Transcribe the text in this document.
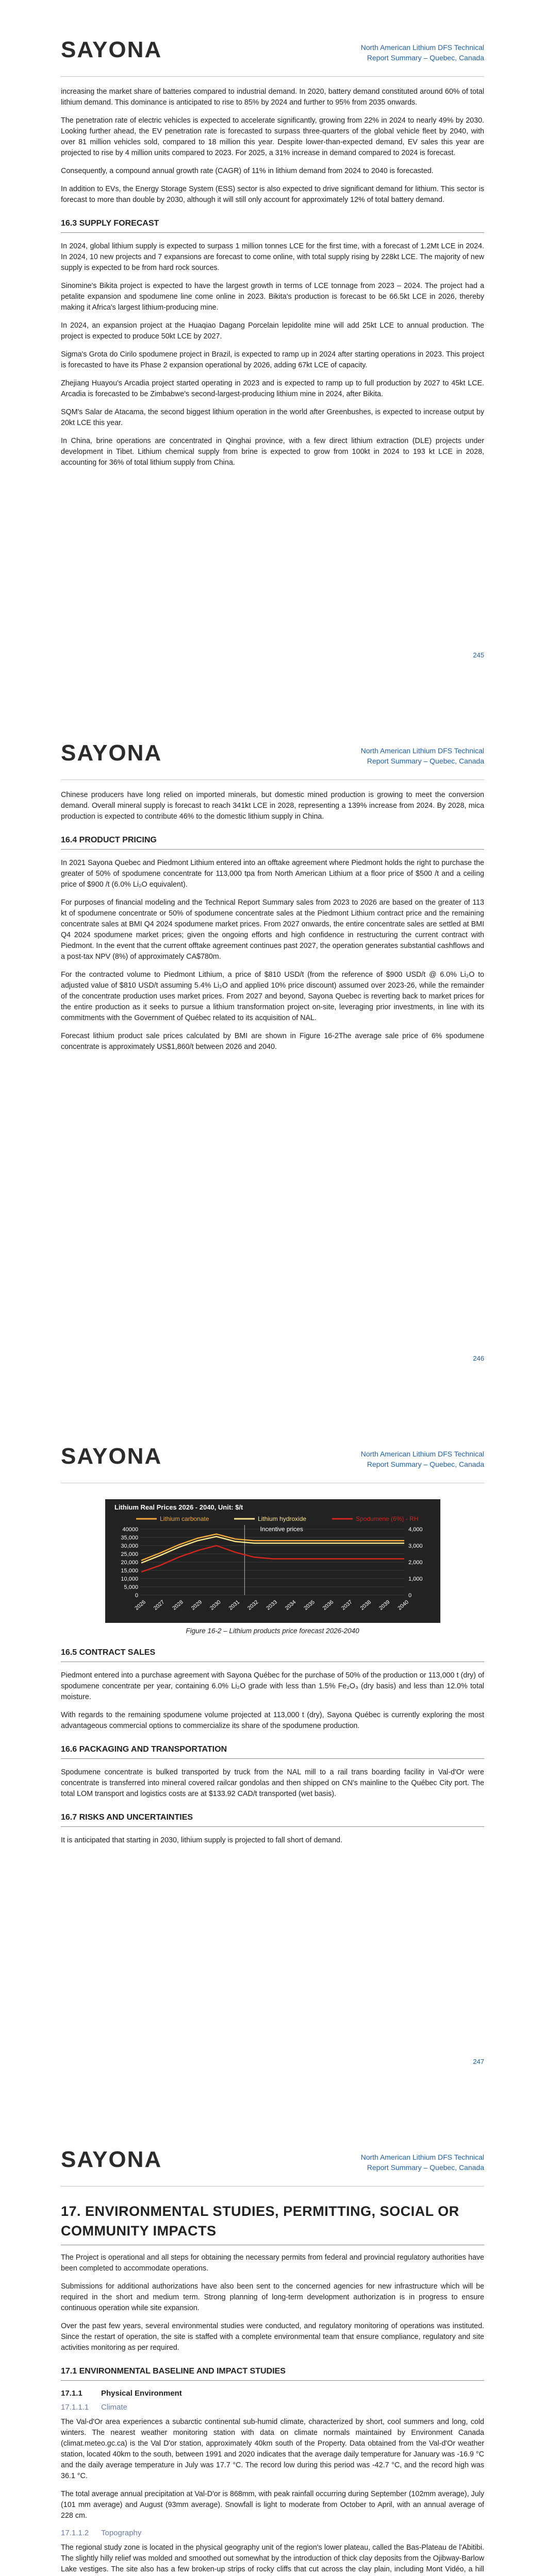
SAYONA	North American Lithium DFS Technical
Report Summary – Quebec, Canada

increasing the market share of batteries compared to industrial demand. In 2020, battery demand constituted around 60% of total lithium demand. This dominance is anticipated to rise to 85% by 2024 and further to 95% from 2035 onwards.

The penetration rate of electric vehicles is expected to accelerate significantly, growing from 22% in 2024 to nearly 49% by 2030. Looking further ahead, the EV penetration rate is forecasted to surpass three-quarters of the global vehicle fleet by 2040, with over 81 million vehicles sold, compared to 18 million this year. Despite lower-than-expected demand, EV sales this year are projected to rise by 4 million units compared to 2023. For 2025, a 31% increase in demand compared to 2024 is forecast.

Consequently, a compound annual growth rate (CAGR) of 11% in lithium demand from 2024 to 2040 is forecasted.

In addition to EVs, the Energy Storage System (ESS) sector is also expected to drive significant demand for lithium. This sector is forecast to more than double by 2030, although it will still only account for approximately 12% of total battery demand.

16.3 SUPPLY FORECAST

In 2024, global lithium supply is expected to surpass 1 million tonnes LCE for the first time, with a forecast of 1.2Mt LCE in 2024. In 2024, 10 new projects and 7 expansions are forecast to come online, with total supply rising by 228kt LCE. The majority of new supply is expected to be from hard rock sources.

Sinomine's Bikita project is expected to have the largest growth in terms of LCE tonnage from 2023 – 2024. The project had a petalite expansion and spodumene line come online in 2023. Bikita's production is forecast to be 66.5kt LCE in 2026, thereby making it Africa's largest lithium-producing mine.

In 2024, an expansion project at the Huaqiao Dagang Porcelain lepidolite mine will add 25kt LCE to annual production. The project is expected to produce 50kt LCE by 2027.

Sigma's Grota do Cirilo spodumene project in Brazil, is expected to ramp up in 2024 after starting operations in 2023. This project is forecasted to have its Phase 2 expansion operational by 2026, adding 67kt LCE of capacity.

Zhejiang Huayou's Arcadia project started operating in 2023 and is expected to ramp up to full production by 2027 to 45kt LCE. Arcadia is forecasted to be Zimbabwe's second-largest-producing lithium mine in 2024, after Bikita.

SQM's Salar de Atacama, the second biggest lithium operation in the world after Greenbushes, is expected to increase output by 20kt LCE this year.

In China, brine operations are concentrated in Qinghai province, with a few direct lithium extraction (DLE) projects under development in Tibet. Lithium chemical supply from brine is expected to grow from 100kt in 2024 to 193 kt LCE in 2028, accounting for 36% of total lithium supply from China.

245
SAYONA	North American Lithium DFS Technical
Report Summary – Quebec, Canada

Chinese producers have long relied on imported minerals, but domestic mined production is growing to meet the conversion demand. Overall mineral supply is forecast to reach 341kt LCE in 2028, representing a 139% increase from 2024. By 2028, mica production is expected to contribute 46% to the domestic lithium supply in China.

16.4 PRODUCT PRICING

In 2021 Sayona Quebec and Piedmont Lithium entered into an offtake agreement where Piedmont holds the right to purchase the greater of 50% of spodumene concentrate for 113,000 tpa from North American Lithium at a floor price of $500 /t and a ceiling price of $900 /t (6.0% Li₂O equivalent).

For purposes of financial modeling and the Technical Report Summary sales from 2023 to 2026 are based on the greater of 113 kt of spodumene concentrate or 50% of spodumene concentrate sales at the Piedmont Lithium contract price and the remaining concentrate sales at BMI Q4 2024 spodumene market prices. From 2027 onwards, the entire concentrate sales are settled at BMI Q4 2024 spodumene market prices; given the ongoing efforts and high confidence in restructuring the current contract with Piedmont. In the event that the current offtake agreement continues past 2027, the operation generates substantial cashflows and a post-tax NPV (8%) of approximately CA$780m.

For the contracted volume to Piedmont Lithium, a price of $810 USD/t (from the reference of $900 USD/t @ 6.0% Li₂O to adjusted value of $810 USD/t assuming 5.4% Li₂O and applied 10% price discount) assumed over 2023-26, while the remainder of the concentrate production uses market prices. From 2027 and beyond, Sayona Quebec is reverting back to market prices for the entire production as it seeks to pursue a lithium transformation project on-site, leveraging prior investments, in line with its commitments with the Government of Québec related to its acquisition of NAL.

Forecast lithium product sale prices calculated by BMI are shown in Figure 16-2The average sale price of 6% spodumene concentrate is approximately US$1,860/t between 2026 and 2040.

246
SAYONA	North American Lithium DFS Technical
Report Summary – Quebec, Canada
Lithium Real Prices 2026 - 2040, Unit: $/t
Lithium carbonate	Lithium hydroxide	Spodumene (6%) - RH
0
5,000
10,000
15,000
20,000
25,000
30,000
35,000
40000
0
1,000
2,000
3,000
4,000
2026 2027 2028 2029 2030 2031 2032 2033 2034 2035 2036 2037 2038 2039 2040
Incentive prices
Figure 16-2 – Lithium products price forecast 2026-2040
16.5 CONTRACT SALES

Piedmont entered into a purchase agreement with Sayona Québec for the purchase of 50% of the production or 113,000 t (dry) of spodumene concentrate per year, containing 6.0% Li₂O grade with less than 1.5% Fe₂O₃ (dry basis) and less than 12.0% total moisture.

With regards to the remaining spodumene volume projected at 113,000 t (dry), Sayona Québec is currently exploring the most advantageous commercial options to commercialize its share of the spodumene production.

16.6 PACKAGING AND TRANSPORTATION

Spodumene concentrate is bulked transported by truck from the NAL mill to a rail trans boarding facility in Val-d'Or were concentrate is transferred into mineral covered railcar gondolas and then shipped on CN's mainline to the Québec City port. The total LOM transport and logistics costs are at $133.92 CAD/t transported (wet basis).

16.7 RISKS AND UNCERTAINTIES

It is anticipated that starting in 2030, lithium supply is projected to fall short of demand.

247
SAYONA	North American Lithium DFS Technical
Report Summary – Quebec, Canada
17. ENVIRONMENTAL STUDIES, PERMITTING, SOCIAL OR COMMUNITY IMPACTS

The Project is operational and all steps for obtaining the necessary permits from federal and provincial regulatory authorities have been completed to accommodate operations.

Submissions for additional authorizations have also been sent to the concerned agencies for new infrastructure which will be required in the short and medium term. Strong planning of long-term development authorization is in progress to ensure continuous operation while site expansion.

Over the past few years, several environmental studies were conducted, and regulatory monitoring of operations was instituted. Since the restart of operation, the site is staffed with a complete environmental team that ensure compliance, regulatory and site activities monitoring as per required.

17.1 ENVIRONMENTAL BASELINE AND IMPACT STUDIES
17.1.1 Physical Environment
17.1.1.1 Climate

The Val-d'Or area experiences a subarctic continental sub-humid climate, characterized by short, cool summers and long, cold winters. The nearest weather monitoring station with data on climate normals maintained by Environment Canada (climat.meteo.gc.ca) is the Val D'or station, approximately 40km south of the Property. Data obtained from the Val-d'Or weather station, located 40km to the south, between 1991 and 2020 indicates that the average daily temperature for January was -16.9 °C and the daily average temperature in July was 17.7 °C. The record low during this period was -42.7 °C, and the record high was 36.1 °C.

The total average annual precipitation at Val-D'or is 868mm, with peak rainfall occurring during September (102mm average), July (101 mm average) and August (93mm average). Snowfall is light to moderate from October to April, with an annual average of 228 cm.

17.1.1.2 Topography

The regional study zone is located in the physical geography unit of the region's lower plateau, called the Bas-Plateau de l'Abitibi. The slightly hilly relief was molded and smoothed out somewhat by the introduction of thick clay deposits from the Ojibway-Barlow Lake vestiges. The site also has a few broken-up strips of rocky cliffs that cut across the clay plain, including Mont Vidéo, a hill
